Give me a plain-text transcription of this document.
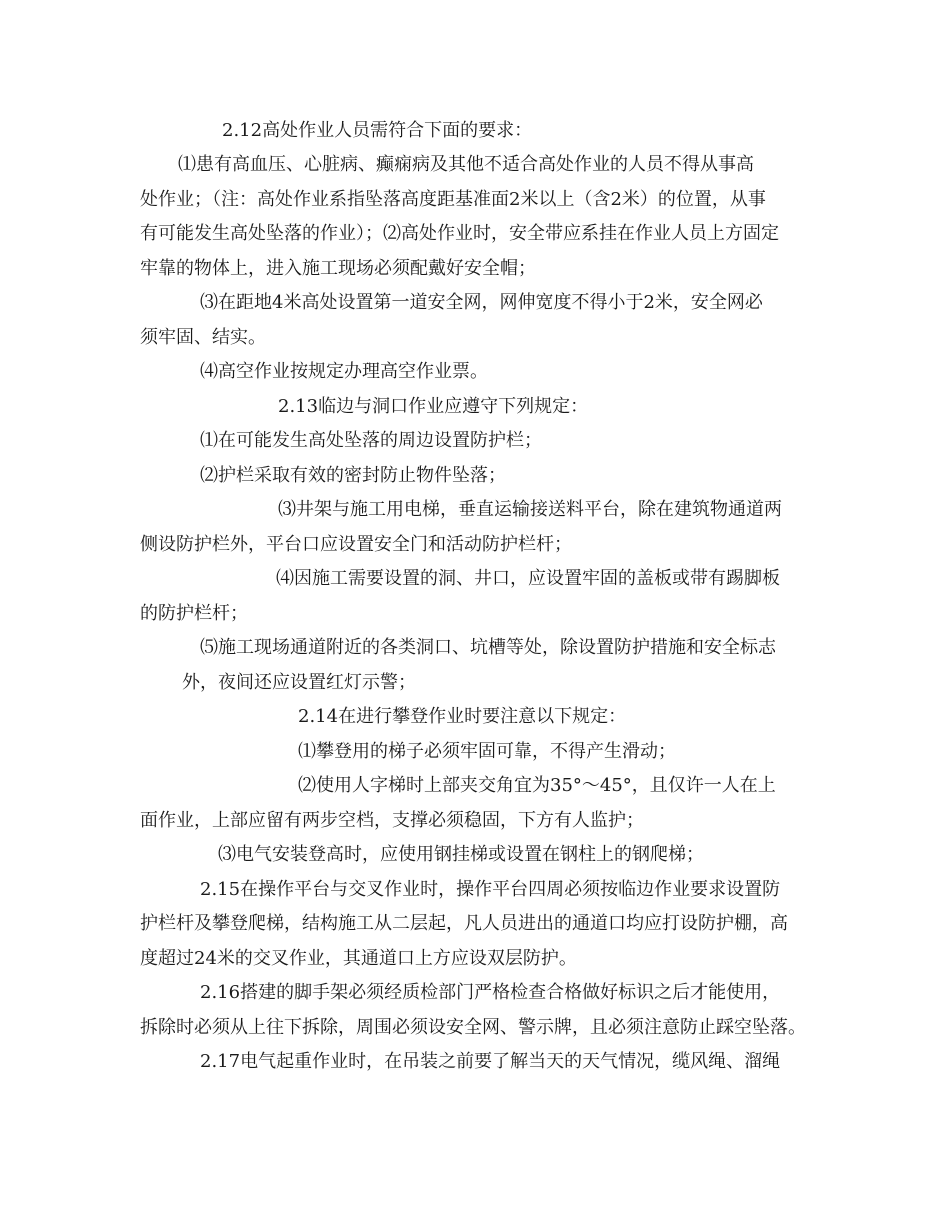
2.12高处作业人员需符合下面的要求：
⑴患有高血压、心脏病、癫痫病及其他不适合高处作业的人员不得从事高
处作业；（注：高处作业系指坠落高度距基准面2米以上（含2米）的位置，从事
有可能发生高处坠落的作业）；⑵高处作业时，安全带应系挂在作业人员上方固定
牢靠的物体上，进入施工现场必须配戴好安全帽；
⑶在距地4米高处设置第一道安全网，网伸宽度不得小于2米，安全网必
须牢固、结实。
⑷高空作业按规定办理高空作业票。
2.13临边与洞口作业应遵守下列规定：
⑴在可能发生高处坠落的周边设置防护栏；
⑵护栏采取有效的密封防止物件坠落；
⑶井架与施工用电梯，垂直运输接送料平台，除在建筑物通道两
侧设防护栏外，平台口应设置安全门和活动防护栏杆；
⑷因施工需要设置的洞、井口，应设置牢固的盖板或带有踢脚板
的防护栏杆；
⑸施工现场通道附近的各类洞口、坑槽等处，除设置防护措施和安全标志
外，夜间还应设置红灯示警；
2.14在进行攀登作业时要注意以下规定：
⑴攀登用的梯子必须牢固可靠，不得产生滑动；
⑵使用人字梯时上部夹交角宜为35°～45°，且仅许一人在上
面作业，上部应留有两步空档，支撑必须稳固，下方有人监护；
⑶电气安装登高时，应使用钢挂梯或设置在钢柱上的钢爬梯；
2.15在操作平台与交叉作业时，操作平台四周必须按临边作业要求设置防
护栏杆及攀登爬梯，结构施工从二层起，凡人员进出的通道口均应打设防护棚，高
度超过24米的交叉作业，其通道口上方应设双层防护。
2.16搭建的脚手架必须经质检部门严格检查合格做好标识之后才能使用，
拆除时必须从上往下拆除，周围必须设安全网、警示牌，且必须注意防止踩空坠落。
2.17电气起重作业时，在吊装之前要了解当天的天气情况，缆风绳、溜绳
